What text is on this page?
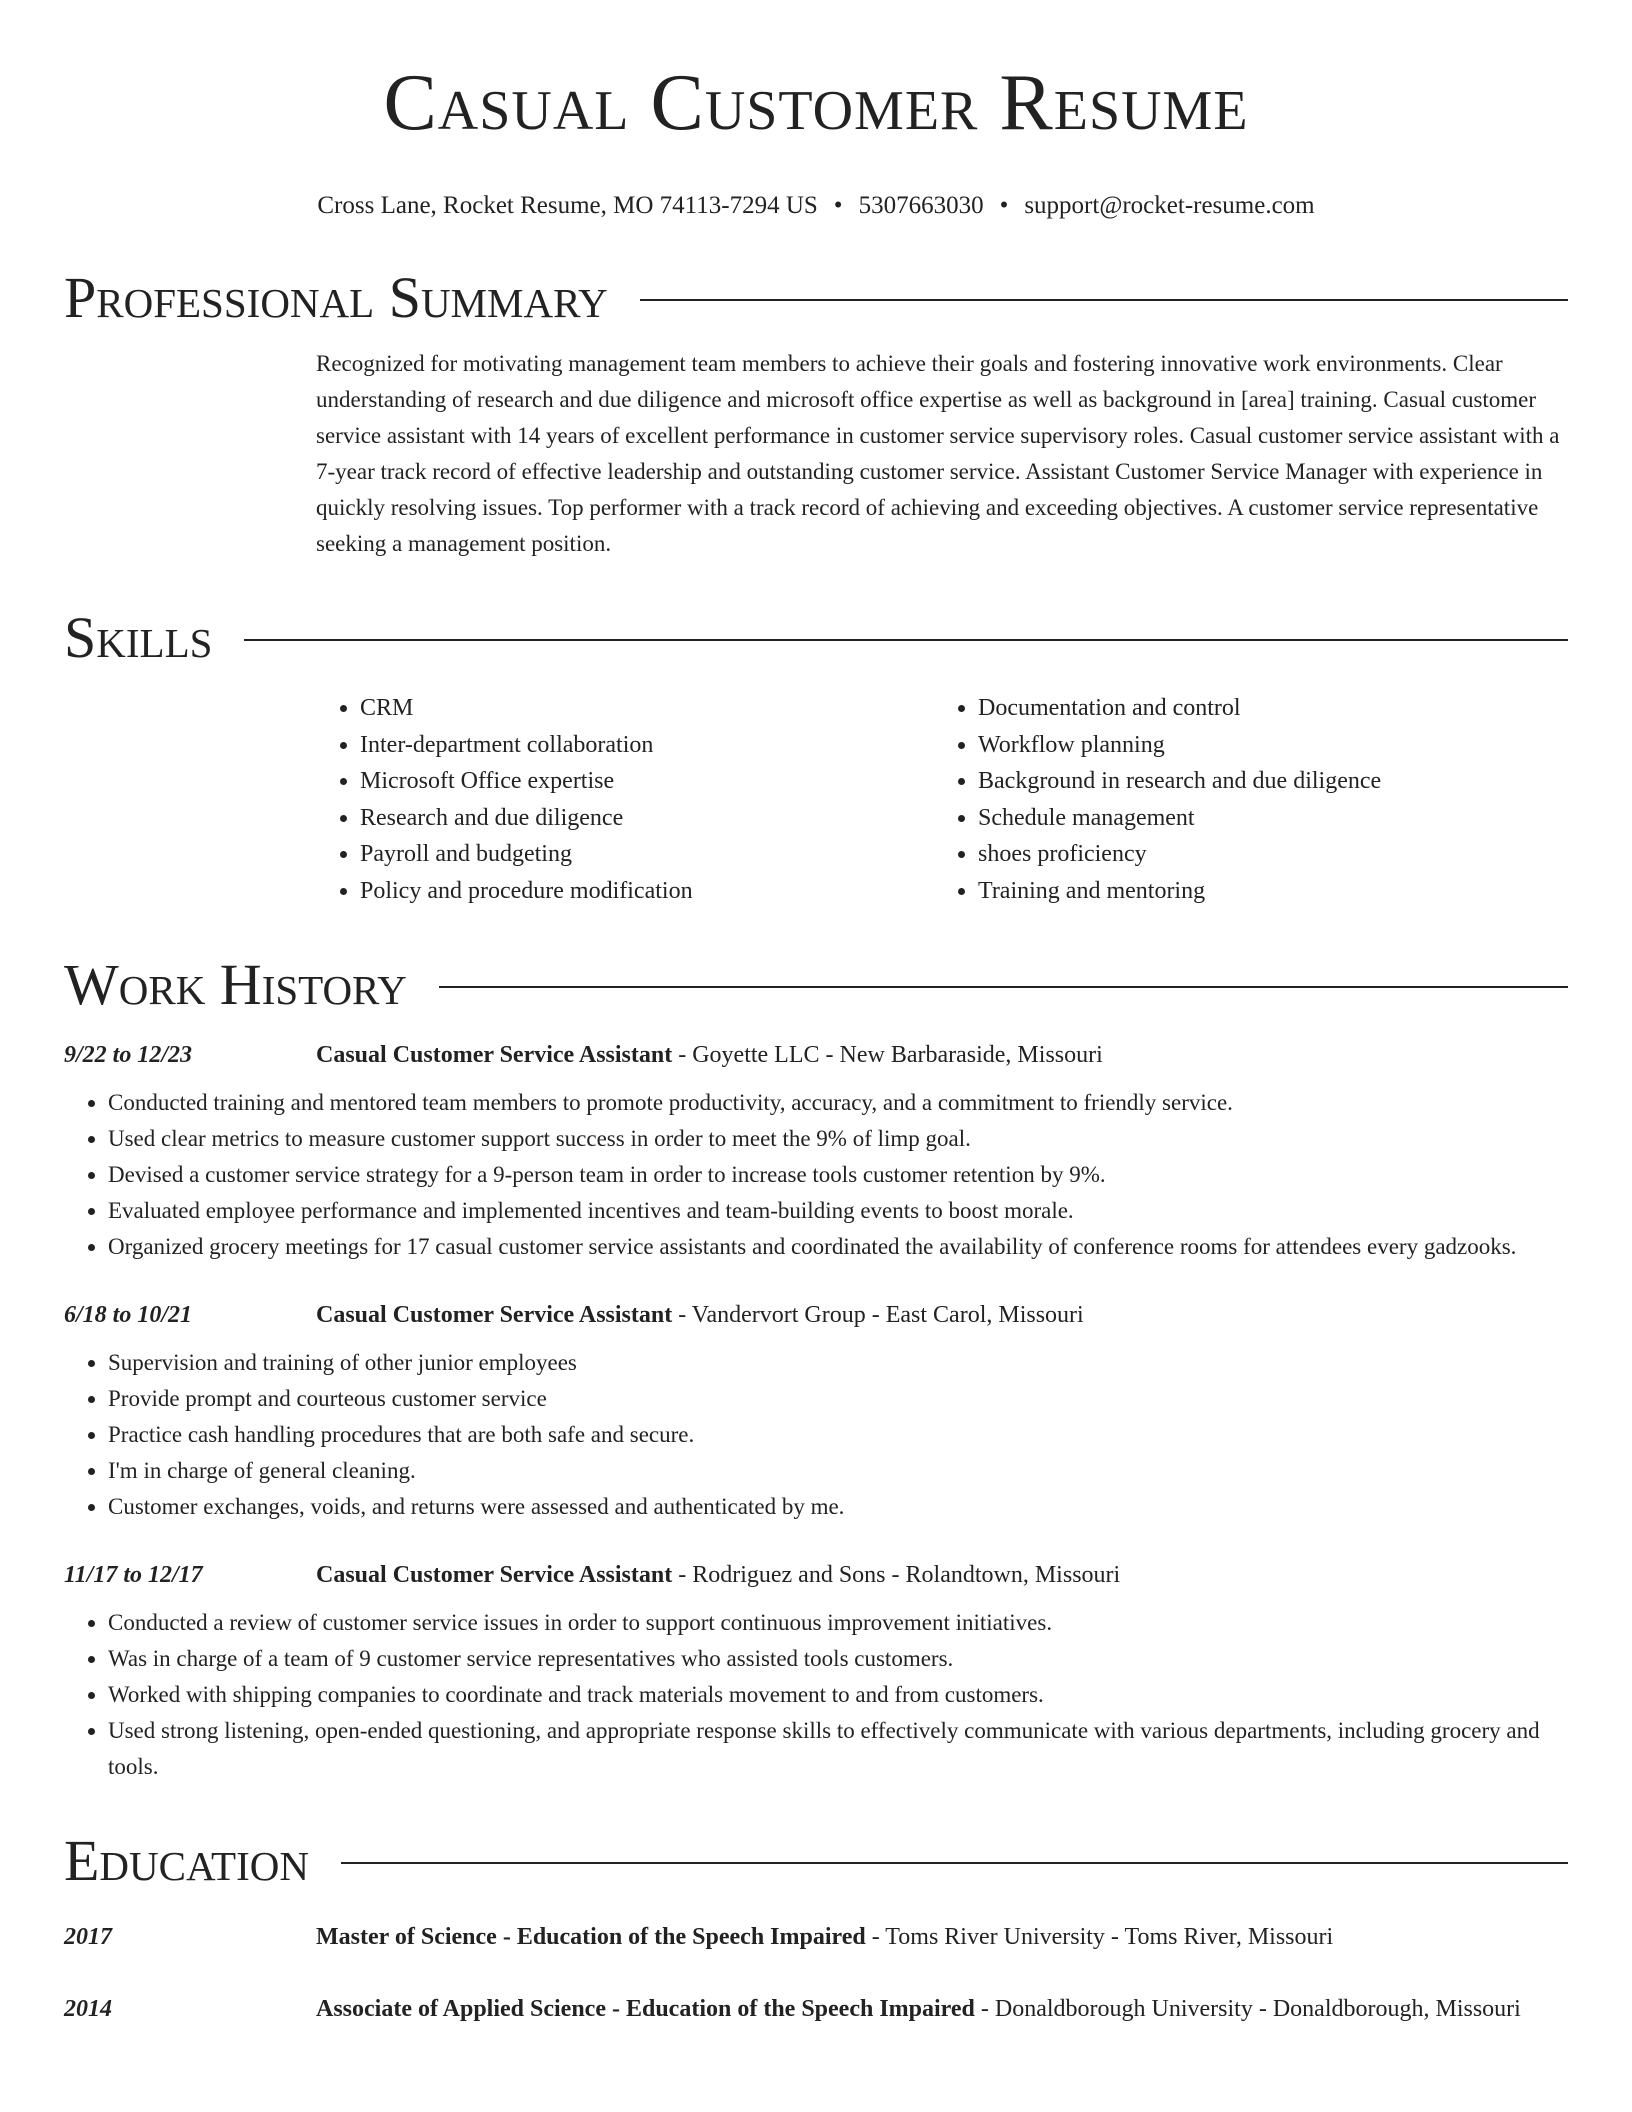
Casual Customer Resume
Cross Lane, Rocket Resume, MO 74113-7294 US • 5307663030 • support@rocket-resume.com
Professional Summary
Recognized for motivating management team members to achieve their goals and fostering innovative work environments. Clear understanding of research and due diligence and microsoft office expertise as well as background in [area] training. Casual customer service assistant with 14 years of excellent performance in customer service supervisory roles. Casual customer service assistant with a 7-year track record of effective leadership and outstanding customer service. Assistant Customer Service Manager with experience in quickly resolving issues. Top performer with a track record of achieving and exceeding objectives. A customer service representative seeking a management position.
Skills
• CRM
• Inter-department collaboration
• Microsoft Office expertise
• Research and due diligence
• Payroll and budgeting
• Policy and procedure modification
• Documentation and control
• Workflow planning
• Background in research and due diligence
• Schedule management
• shoes proficiency
• Training and mentoring
Work History
9/22 to 12/23	Casual Customer Service Assistant - Goyette LLC - New Barbaraside, Missouri
• Conducted training and mentored team members to promote productivity, accuracy, and a commitment to friendly service.
• Used clear metrics to measure customer support success in order to meet the 9% of limp goal.
• Devised a customer service strategy for a 9-person team in order to increase tools customer retention by 9%.
• Evaluated employee performance and implemented incentives and team-building events to boost morale.
• Organized grocery meetings for 17 casual customer service assistants and coordinated the availability of conference rooms for attendees every gadzooks.
6/18 to 10/21	Casual Customer Service Assistant - Vandervort Group - East Carol, Missouri
• Supervision and training of other junior employees
• Provide prompt and courteous customer service
• Practice cash handling procedures that are both safe and secure.
• I'm in charge of general cleaning.
• Customer exchanges, voids, and returns were assessed and authenticated by me.
11/17 to 12/17	Casual Customer Service Assistant - Rodriguez and Sons - Rolandtown, Missouri
• Conducted a review of customer service issues in order to support continuous improvement initiatives.
• Was in charge of a team of 9 customer service representatives who assisted tools customers.
• Worked with shipping companies to coordinate and track materials movement to and from customers.
• Used strong listening, open-ended questioning, and appropriate response skills to effectively communicate with various departments, including grocery and tools.
Education
2017	Master of Science - Education of the Speech Impaired - Toms River University - Toms River, Missouri
2014	Associate of Applied Science - Education of the Speech Impaired - Donaldborough University - Donaldborough, Missouri
